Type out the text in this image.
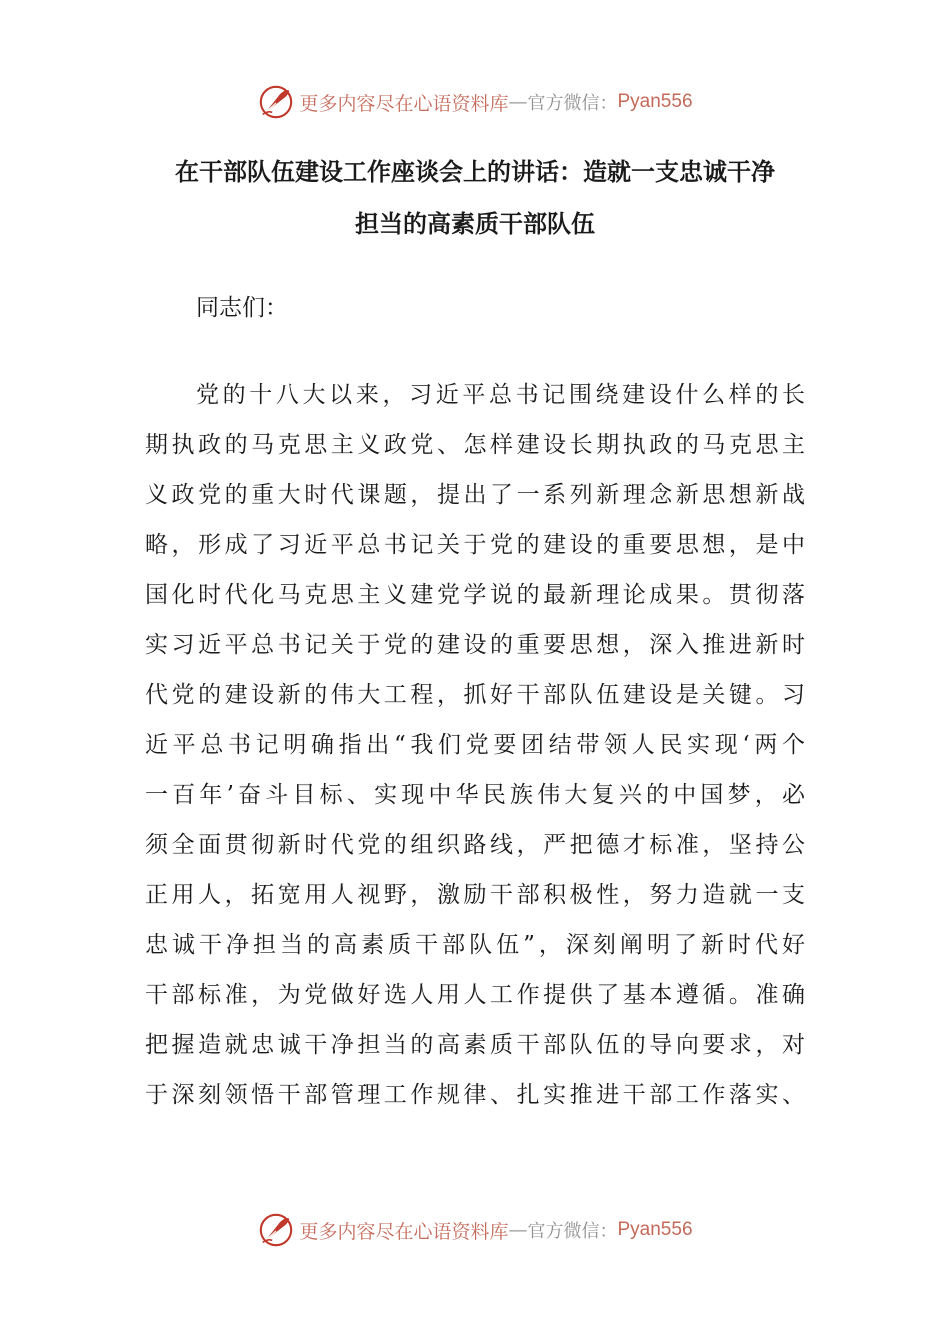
更多内容尽在心语资料库 — 官方微信： Pyan556
在干部队伍建设工作座谈会上的讲话：造就一支忠诚干净
担当的高素质干部队伍
同志们：
党的十八大以来，习近平总书记围绕建设什么样的长
期执政的马克思主义政党、怎样建设长期执政的马克思主
义政党的重大时代课题，提出了一系列新理念新思想新战
略，形成了习近平总书记关于党的建设的重要思想，是中
国化时代化马克思主义建党学说的最新理论成果。贯彻落
实习近平总书记关于党的建设的重要思想，深入推进新时
代党的建设新的伟大工程，抓好干部队伍建设是关键。习
近平总书记明确指出“我们党要团结带领人民实现‘两个
一百年’奋斗目标、实现中华民族伟大复兴的中国梦，必
须全面贯彻新时代党的组织路线，严把德才标准，坚持公
正用人，拓宽用人视野，激励干部积极性，努力造就一支
忠诚干净担当的高素质干部队伍”，深刻阐明了新时代好
干部标准，为党做好选人用人工作提供了基本遵循。准确
把握造就忠诚干净担当的高素质干部队伍的导向要求，对
于深刻领悟干部管理工作规律、扎实推进干部工作落实、
更多内容尽在心语资料库 — 官方微信： Pyan556
